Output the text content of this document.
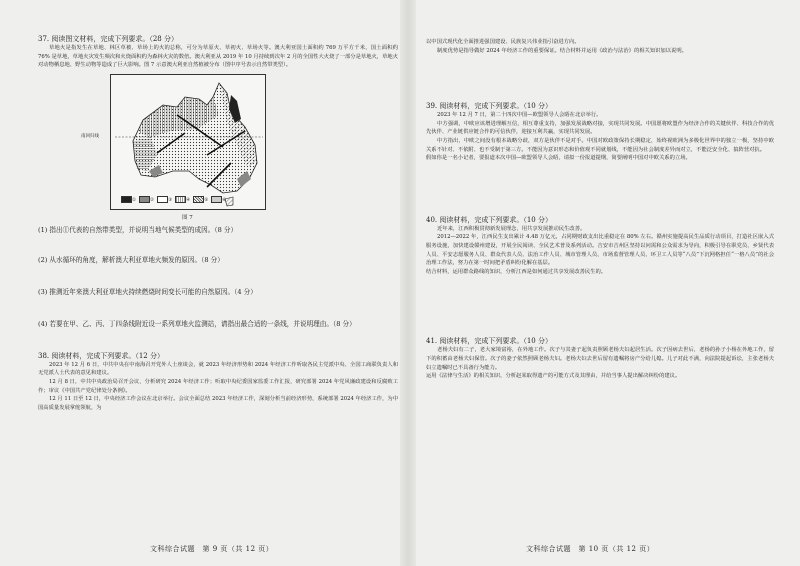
37. 阅读图文材料，完成下列要求。（28 分）

草地火是指发生在草地、林区草被、草场上的火的总称，可分为草原火、草初火、草场火等。澳大利亚国土面积约 769 万平方千米，国土面积约 76% 是草地，草地火灾发生频次和火烧面积约为森林火灾的数倍。澳大利亚从 2019 年 10 月持续到次年 2 月的全国性大火烧了一部分是草地火，草地火对动物栖息地、野生动物等造成了巨大影响。图 7 示意澳大利亚自然植被分布（图中序号表示自然带类型）。

南回归线
①	②	③	④	⑤	⑥

图 7

(1) 指出①代表的自然带类型，并说明当地气候类型的成因。（8 分）

(2) 从水循环的角度，解析澳大利亚草地火频发的原因。（8 分）

(3) 推测近年来澳大利亚草地火持续燃烧时间变长可能的自然原因。（4 分）

(4) 若要在甲、乙、丙、丁四条线附近设一系列草地火监测站，请指出最合适的一条线，并说明理由。（8 分）

38. 阅读材料，完成下列要求。（12 分）

2023 年 12 月 6 日，中共中央在中南海召开党外人士座谈会，就 2023 年经济形势和 2024 年经济工作听取各民主党派中央、全国工商联负责人和无党派人士代表的意见和建议。

12 月 8 日，中共中央政治局召开会议，分析研究 2024 年经济工作；听取中央纪委国家监委工作汇报，研究部署 2024 年党风廉政建设和反腐败工作；审议《中国共产党纪律处分条例》。

12 月 11 日至 12 日，中央经济工作会议在北京举行。会议全面总结 2023 年经济工作，深刻分析当前经济形势，系统部署 2024 年经济工作，为中国高质量发展掌舵领航，为

文科综合试题　第 9 页（共 12 页）

以中国式现代化全面推进强国建设、民族复兴伟业指引奋进方向。

制度优势是指导做好 2024 年经济工作的重要保证。结合材料并运用《政治与法治》的相关知识加以说明。

39. 阅读材料，完成下列要求。（10 分）

2023 年 12 月 7 日，第二十四次中国—欧盟领导人会晤在北京举行。

中方强调，中欧应该增进理解互信，相互尊重支持，加强发展战略对接，实现共同发展。中国愿将欧盟作为经济合作的关键伙伴、科技合作的优先伙伴、产业链供应链合作的可信伙伴，迎接互利共赢，实现共同发展。

中方指出，中欧之间没有根本战略分歧，双方是伙伴不是对手。中国对欧政策保持长期稳定，始终视欧洲为多极化世界中的独立一极，坚持中欧关系不针对、不依附、也不受制于第三方。不能因为意识形态和价值观不同就划线，不能因为社会制度差异而对立，不能泛安全化、搞阵营对抗。

假如你是一名小记者，要报道本次中国—欧盟领导人会晤，请拟一份报道提纲，简要阐明中国对中欧关系的立场。

40. 阅读材料，完成下列要求。（10 分）

近年来，江西积极贯彻新发展理念，用共享发展推动民生改善。

2012—2022 年，江西民生支出累计 4.48 万亿元，占同期财政支出比重稳定在 80% 左右。赣州实施提高民生品质行动项目，打造社区嵌入式服务设施，加快建设赣州建设，开展全民阅读、全民艺术普及系列活动。吉安市吉州区坚持以问需和公众需求为导向，积极引导在职党员、乡贤代表人员、平安志愿服务人员、群众代表人员、法治工作人员、城市管理人员、市场监督管理人员、环卫工人员等“八员”下沉网格担任“一格八员”的社会治理工作法，努力在第一时间把矛盾纠纷化解在基层。

结合材料，运用群众路线的知识，分析江西是如何通过共享发展改善民生的。

41. 阅读材料，完成下列要求。（10 分）

老杨夫妇有二子，老大家境富裕，在外地工作。次子与其妻子起负责照顾老杨夫妇起居生活。次子因病去世后，老杨的孙子小杨在外地工作，留下的积蓄由老杨夫妇保管。次子的妻子依然照顾老杨夫妇。老杨夫妇去世后留有遗嘱将房产分给儿媳。儿子对此不满，向法院提起诉讼，主张老杨夫妇立遗嘱时已不具备行为能力。

运用《法律与生活》的相关知识，分析赵某取得遗产的可能方式及其理由，并给当事人提出解决纠纷的建议。

文科综合试题　第 10 页（共 12 页）
